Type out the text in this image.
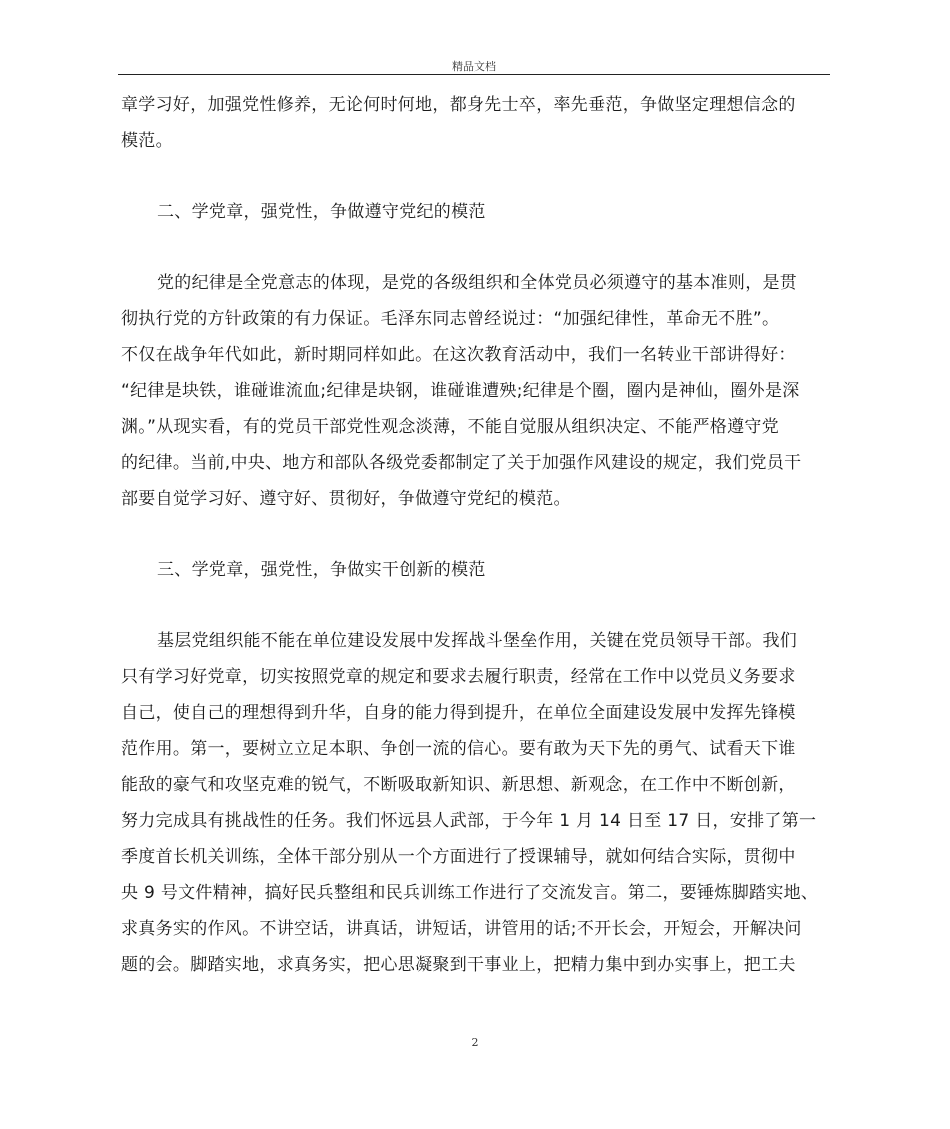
精品文档
章学习好，加强党性修养，无论何时何地，都身先士卒，率先垂范，争做坚定理想信念的
模范。
二、学党章，强党性，争做遵守党纪的模范
党的纪律是全党意志的体现，是党的各级组织和全体党员必须遵守的基本准则，是贯
彻执行党的方针政策的有力保证。毛泽东同志曾经说过：“加强纪律性，革命无不胜”。
不仅在战争年代如此，新时期同样如此。在这次教育活动中，我们一名转业干部讲得好：
“纪律是块铁，谁碰谁流血;纪律是块钢，谁碰谁遭殃;纪律是个圈，圈内是神仙，圈外是深
渊。”从现实看，有的党员干部党性观念淡薄，不能自觉服从组织决定、不能严格遵守党
的纪律。当前,中央、地方和部队各级党委都制定了关于加强作风建设的规定，我们党员干
部要自觉学习好、遵守好、贯彻好，争做遵守党纪的模范。
三、学党章，强党性，争做实干创新的模范
基层党组织能不能在单位建设发展中发挥战斗堡垒作用，关键在党员领导干部。我们
只有学习好党章，切实按照党章的规定和要求去履行职责，经常在工作中以党员义务要求
自己，使自己的理想得到升华，自身的能力得到提升，在单位全面建设发展中发挥先锋模
范作用。第一，要树立立足本职、争创一流的信心。要有敢为天下先的勇气、试看天下谁
能敌的豪气和攻坚克难的锐气，不断吸取新知识、新思想、新观念，在工作中不断创新，
努力完成具有挑战性的任务。我们怀远县人武部，于今年 1 月 14 日至 17 日，安排了第一
季度首长机关训练，全体干部分别从一个方面进行了授课辅导，就如何结合实际，贯彻中
央 9 号文件精神，搞好民兵整组和民兵训练工作进行了交流发言。第二，要锤炼脚踏实地、
求真务实的作风。不讲空话，讲真话，讲短话，讲管用的话;不开长会，开短会，开解决问
题的会。脚踏实地，求真务实，把心思凝聚到干事业上，把精力集中到办实事上，把工夫
2
